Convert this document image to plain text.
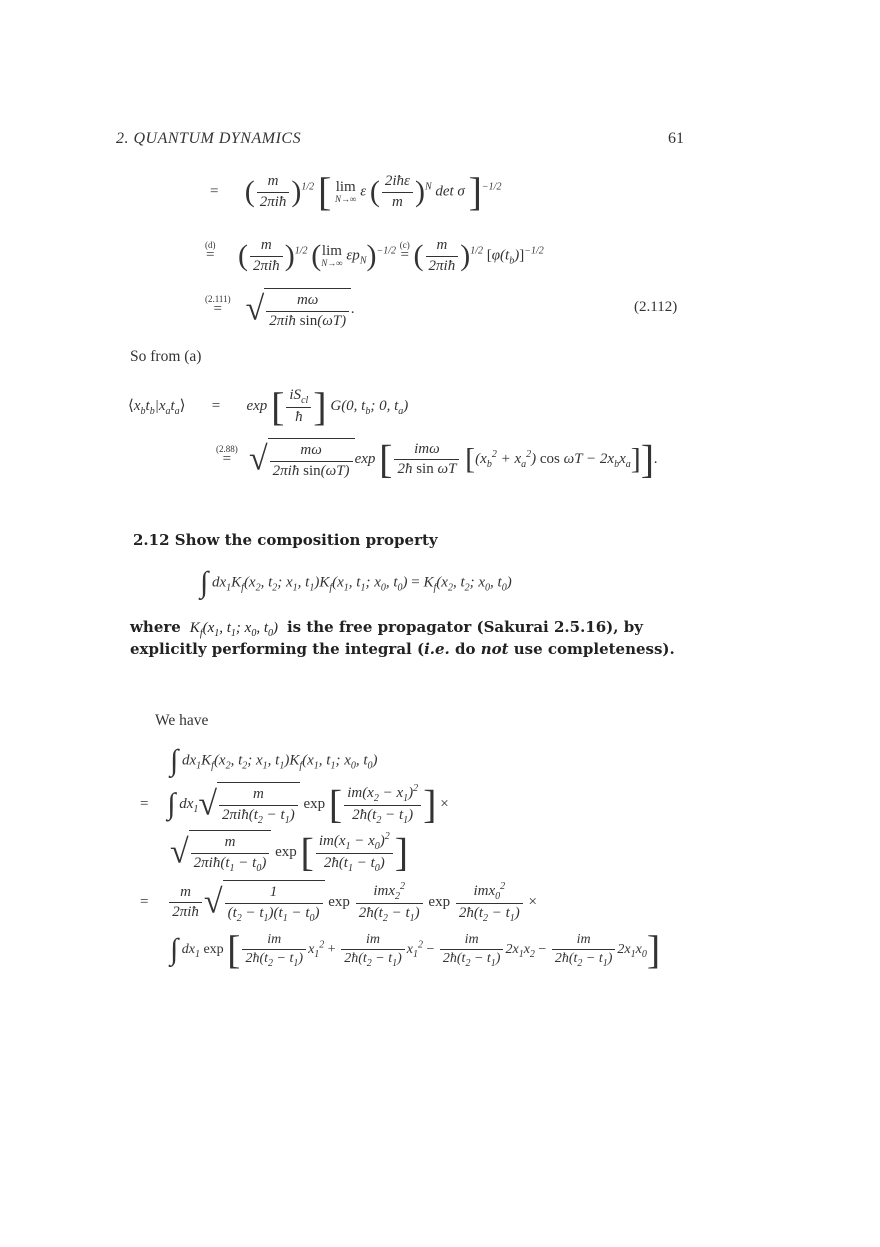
2. QUANTUM DYNAMICS	61
= ( $\frac{m}{\text{2πiħ}} )^{1/2}$ [ lim
N→∞ ε ( $\frac{\text{2iħε}}{m} )^N$ det σ ]$^{-1/2}$
(d)
= ( $\frac{m}{\text{2πiħ}} )^{1/2}$ (lim
N→∞ $\varepsilon p_N)^{-1/2}$
(c)
= ( $\frac{m}{\text{2πiħ}} )^{1/2}$ $[\varphi(t_b)]^{-1/2}$
(2.111)
= √ $\frac{m\omega}{\text{2πiħ sin(ωT)}}$ .	(2.112)
So from (a)
$⟨x_bt_b|x_at_a⟩$ =       exp [ $\frac{iS_{cl}}{ħ}$ ] G(0, $t_b$; 0, $t_a$)
(2.88)
= √ $\frac{m\omega}{\text{2πiħ sin(ωT)}}$ exp [ $\frac{\text{imω}}{\text{2ħ sin ωT}} [(x_b^2 + x_a^2)$ $\cos \omega T - 2x_bx_a$]].
2.12 Show the composition property
∫ $dx_1K_f(x_2$, $t_2$; $x_1$, $t_1)K_f(x_1$, $t_1$; $x_0$, $t_0) = K_f(x_2$, $t_2$; $x_0$, $t_0$)
where  $K_f(x_1$, $t_1$; $x_0$, $t_0$)  is the free propagator (Sakurai 2.5.16), by
explicitly performing the integral (i.e. do not use completeness).
We have
∫ $dx_1K_f(x_2$, $t_2$; $x_1$, $t_1)K_f(x_1$, $t_1$; $x_0$, $t_0$)
= ∫ $dx_1√ \frac{m}{2\pi iħ(t_2 - t_1)}$ exp [ $\frac{im(x_2 - x_1)^2}{2ħ(t_2 - t_1)}$ ] ×
√ $\frac{m}{2\pi iħ(t_1 - t_0)}$ exp [ $\frac{im(x_1 - x_0)^2}{2ħ(t_1 - t_0)}$ ]
= $\frac{m}{\text{2πiħ}}$ √ $\frac{1}{(t_2 - t_1)(t_1 - t_0)}$ $\exp \frac{imx_2^2}{2ħ(t_2 - t_1)}$ $\exp \frac{imx_0^2}{2ħ(t_2 - t_1)}$ ×
∫ $dx_1$ exp [ $\frac{im}{2ħ(t_2 - t_1)} x_1^2 + \frac{im}{2ħ(t_2 - t_1)} x_1^2 - \frac{im}{2ħ(t_2 - t_1)} 2x_1x_2 - \frac{im}{2ħ(t_2 - t_1)} 2x_1x_0$]
